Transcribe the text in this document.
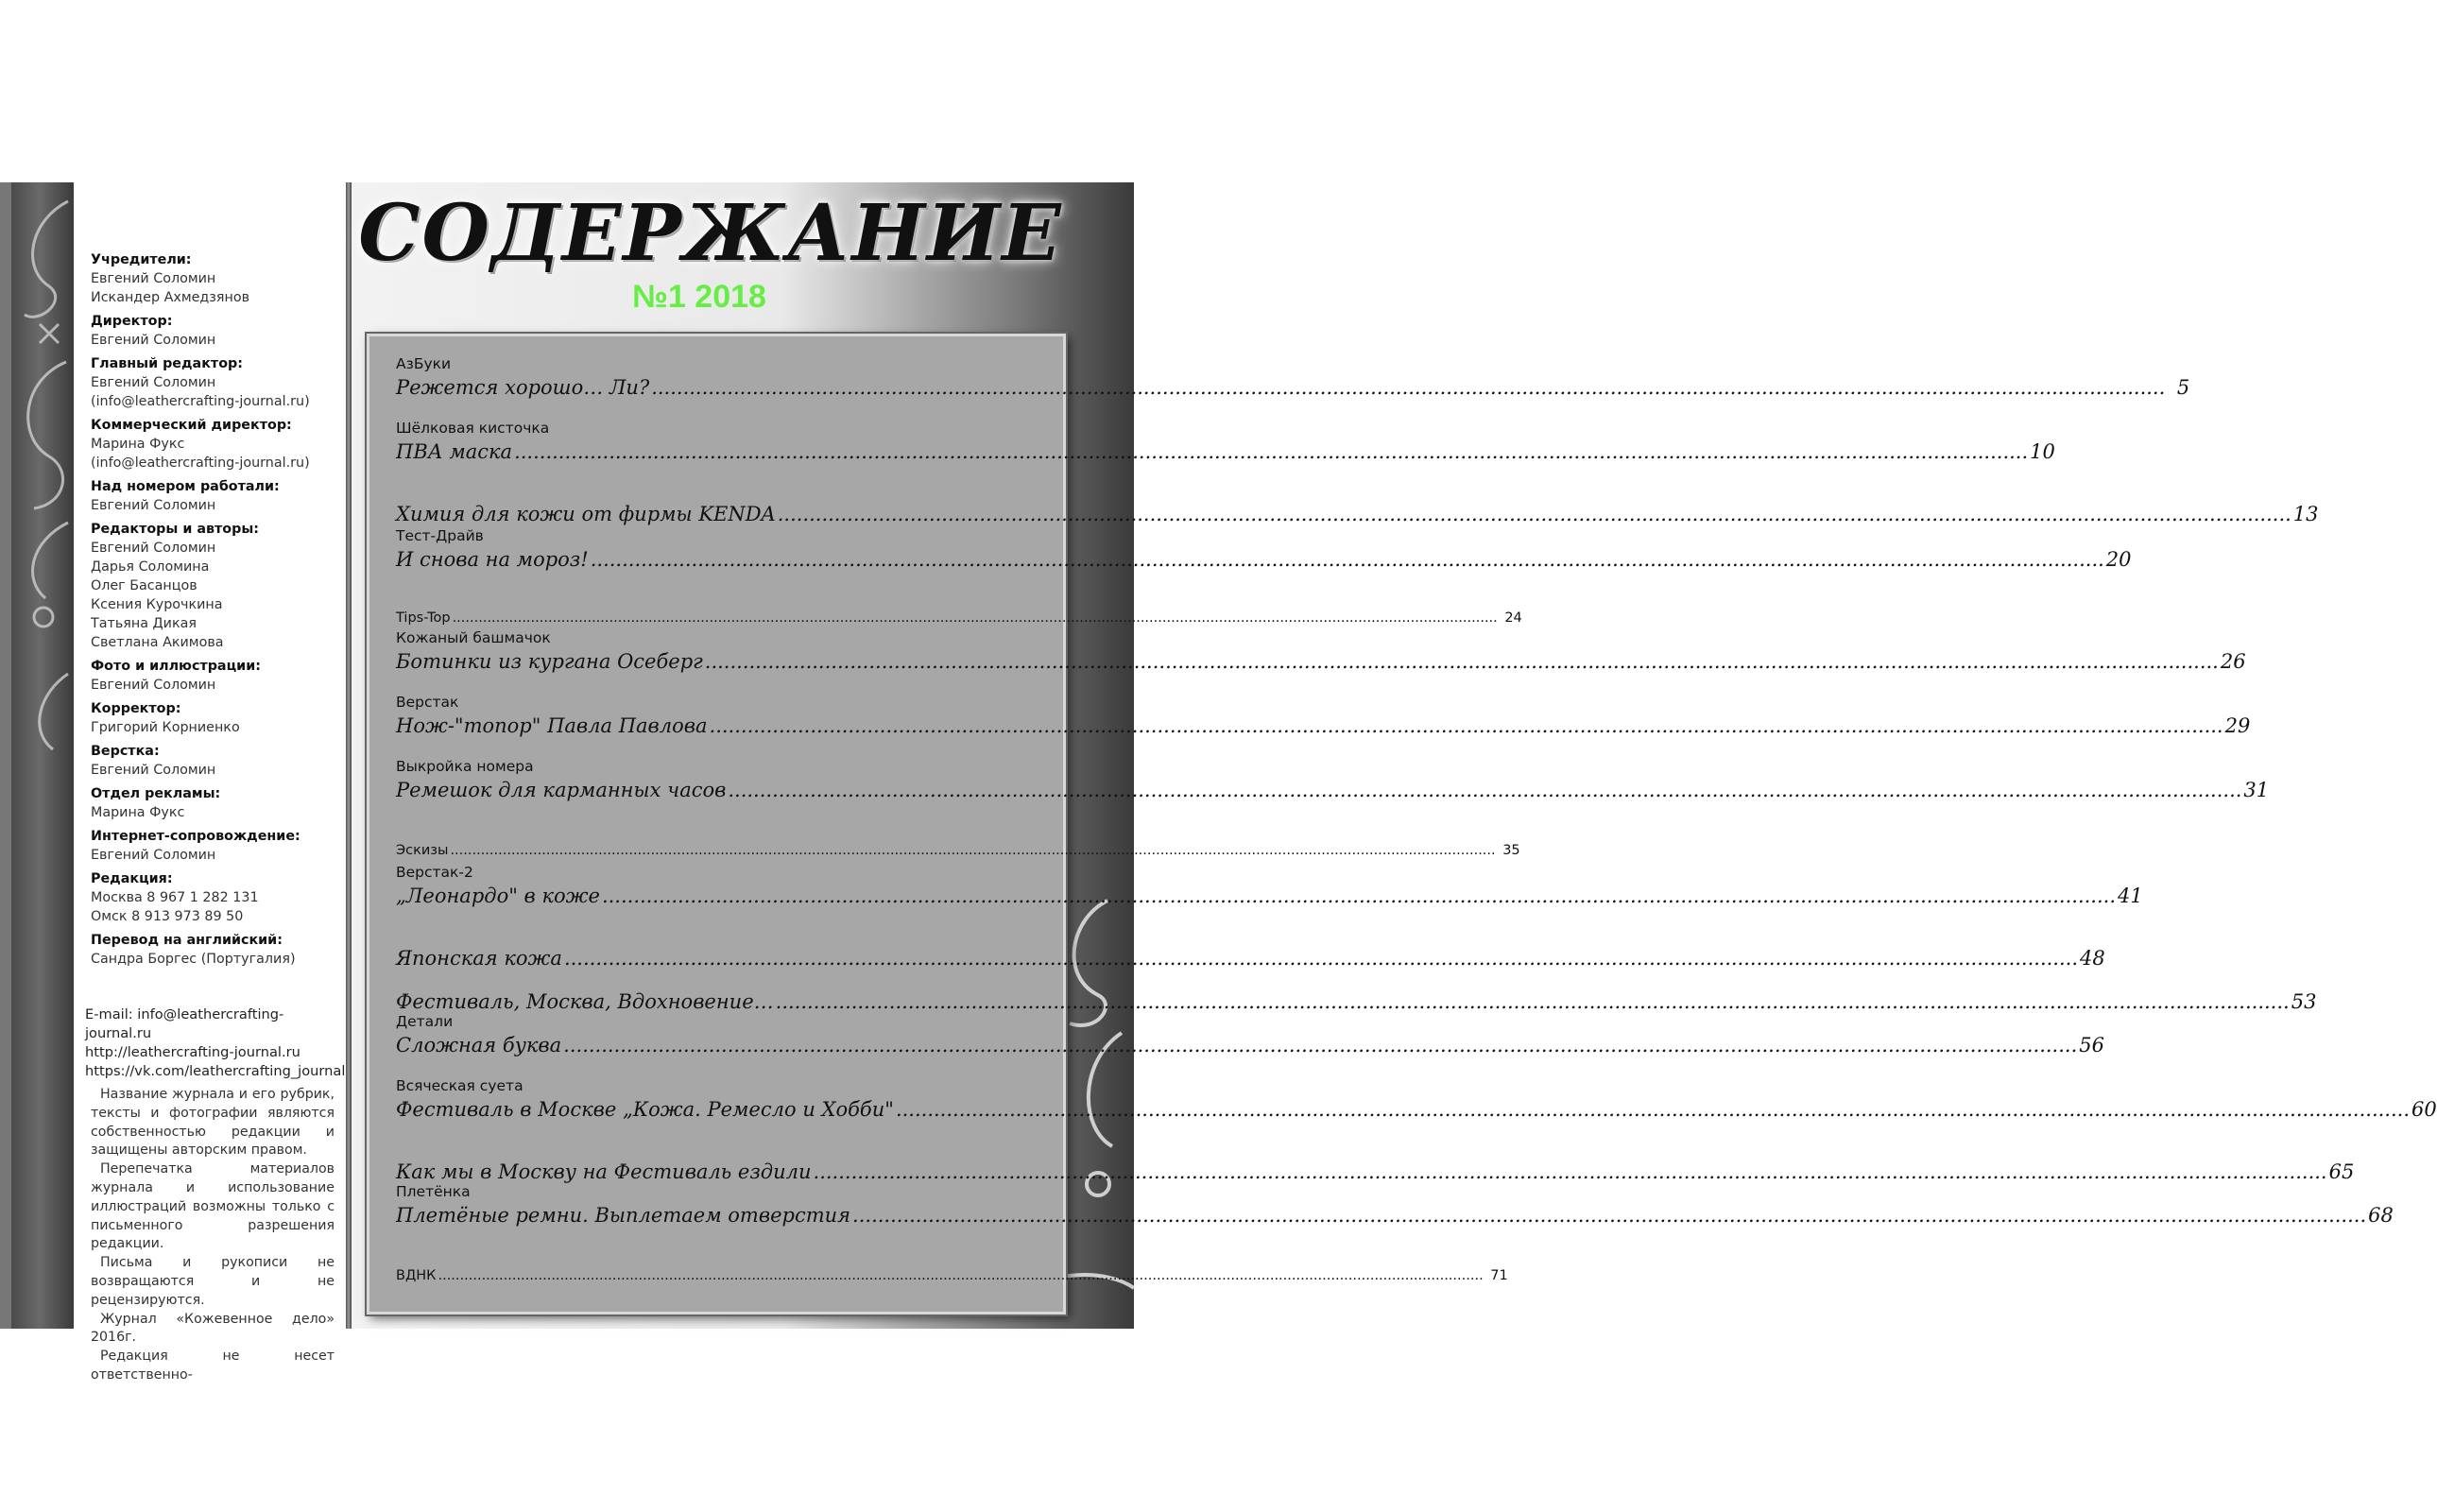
Учредители:
Евгений Соломин
Искандер Ахмедзянов
Директор:
Евгений Соломин
Главный редактор:
Евгений Соломин
(info@leathercrafting-journal.ru)
Коммерческий директор:
Марина Фукс
(info@leathercrafting-journal.ru)
Над номером работали:
Евгений Соломин
Редакторы и авторы:
Евгений Соломин
Дарья Соломина
Олег Басанцов
Ксения Курочкина
Татьяна Дикая
Светлана Акимова
Фото и иллюстрации:
Евгений Соломин
Корректор:
Григорий Корниенко
Верстка:
Евгений Соломин
Отдел рекламы:
Марина Фукс
Интернет-сопровождение:
Евгений Соломин
Редакция:
Москва 8 967 1 282 131
Омск 8 913 973 89 50
Перевод на английский:
Сандра Боргес (Португалия)
E-mail: info@leathercrafting-journal.ru
http://leathercrafting-journal.ru
https://vk.com/leathercrafting_journal

Название журнала и его рубрик, тексты и фотографии являются собственностью редакции и защищены авторским правом.

Перепечатка материалов журнала и использование иллюстраций возможны только с письменного разрешения редакции.

Письма и рукописи не возвращаются и не рецензируются.

Журнал «Кожевенное дело» 2016г.

Редакция не несет ответственно-

СОДЕРЖАНИЕ
№1 2018
АзБуки
Режется хорошо… Ли? .....	5
Шёлковая кисточка
ПВА маска .....	10
Химия для кожи от фирмы KENDA .....	13
Тест-Драйв
И снова на мороз! .....	20
Tips-Top .....	24
Кожаный башмачок
Ботинки из кургана Осеберг .....	26
Верстак
Нож-"топор" Павла Павлова .....	29
Выкройка номера
Ремешок для карманных часов .....	31
Эскизы .....	35
Верстак-2
„Леонардо" в коже .....	41
Японская кожа .....	48
Фестиваль, Москва, Вдохновение… .....	53
Детали
Сложная буква .....	56
Всяческая суета
Фестиваль в Москве „Кожа. Ремесло и Хобби" .....	60
Как мы в Москву на Фестиваль ездили .....	65
Плетёнка
Плетёные ремни. Выплетаем отверстия .....	68
ВДНК .....	71
